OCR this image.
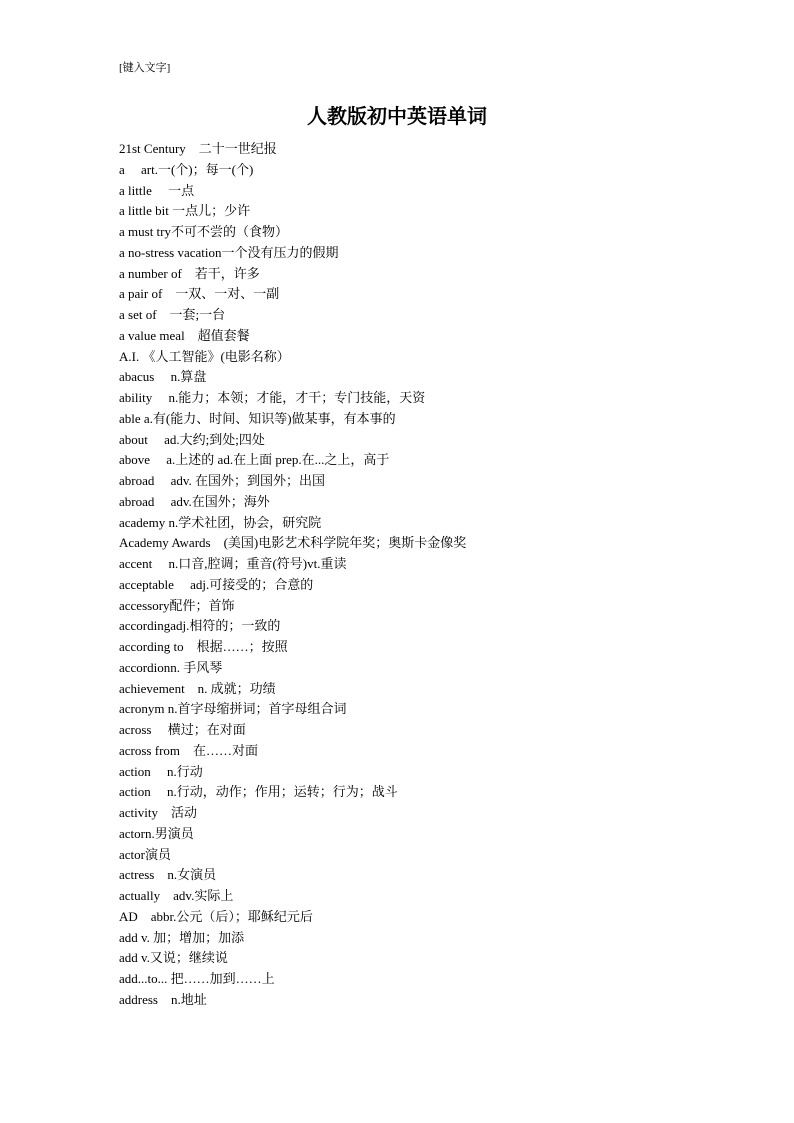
[键入文字]
人教版初中英语单词
21st Century　二十一世纪报
a　 art.一(个)；每一(个)
a little　 一点
a little bit 一点儿；少许
a must try不可不尝的（食物）
a no-stress vacation一个没有压力的假期
a number of　若干，许多
a pair of　一双、一对、一副
a set of　一套;一台
a value meal　超值套餐
A.I. 《人工智能》(电影名称）
abacus　 n.算盘
ability　 n.能力；本领；才能，才干；专门技能，天资
able a.有(能力、时间、知识等)做某事，有本事的
about　 ad.大约;到处;四处
above　 a.上述的 ad.在上面 prep.在...之上，高于
abroad　 adv. 在国外；到国外；出国
abroad　 adv.在国外；海外
academy n.学术社团，协会，研究院
Academy Awards　(美国)电影艺术科学院年奖；奥斯卡金像奖
accent　 n.口音,腔调；重音(符号)vt.重读
acceptable　 adj.可接受的；合意的
accessory配件；首饰
accordingadj.相符的；一致的
according to　根据……；按照
accordionn. 手风琴
achievement　n. 成就；功绩
acronym n.首字母缩拼词；首字母组合词
across　 横过；在对面
across from　在……对面
action　 n.行动
action　 n.行动，动作；作用；运转；行为；战斗
activity　活动
actorn.男演员
actor演员
actress　n.女演员
actually　adv.实际上
AD　abbr.公元（后）；耶稣纪元后
add v. 加；增加；加添
add v.又说；继续说
add...to... 把……加到……上
address　n.地址
